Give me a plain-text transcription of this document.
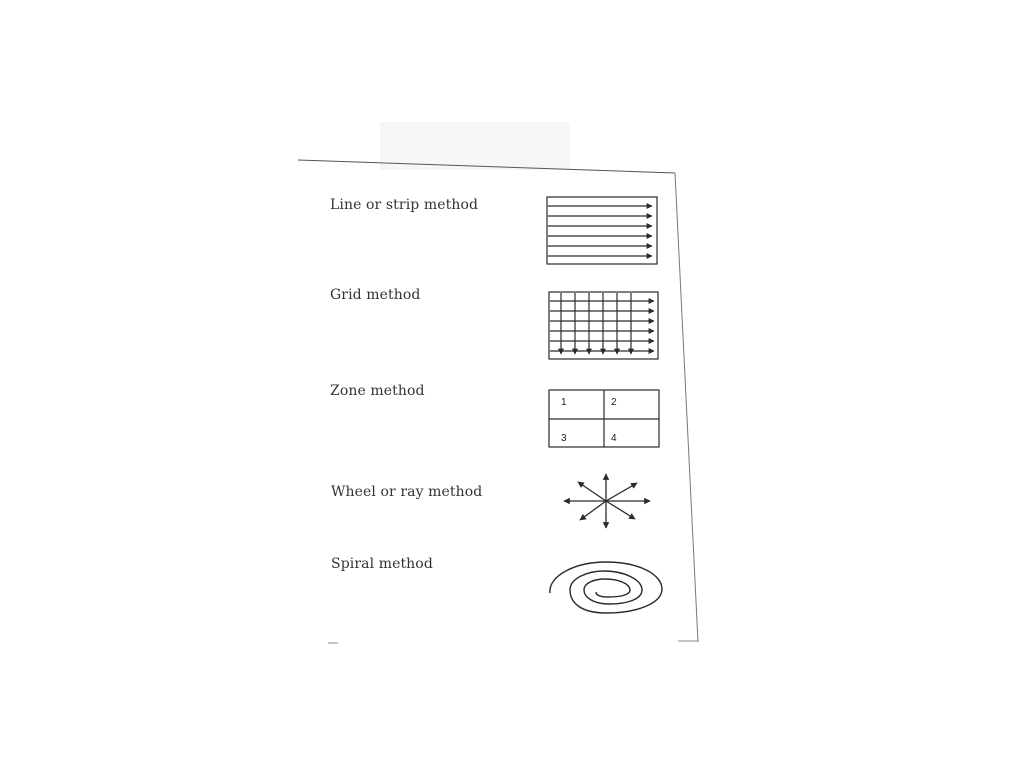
1	2
3	4
Line or strip method
Grid method
Zone method
Wheel or ray method
Spiral method
